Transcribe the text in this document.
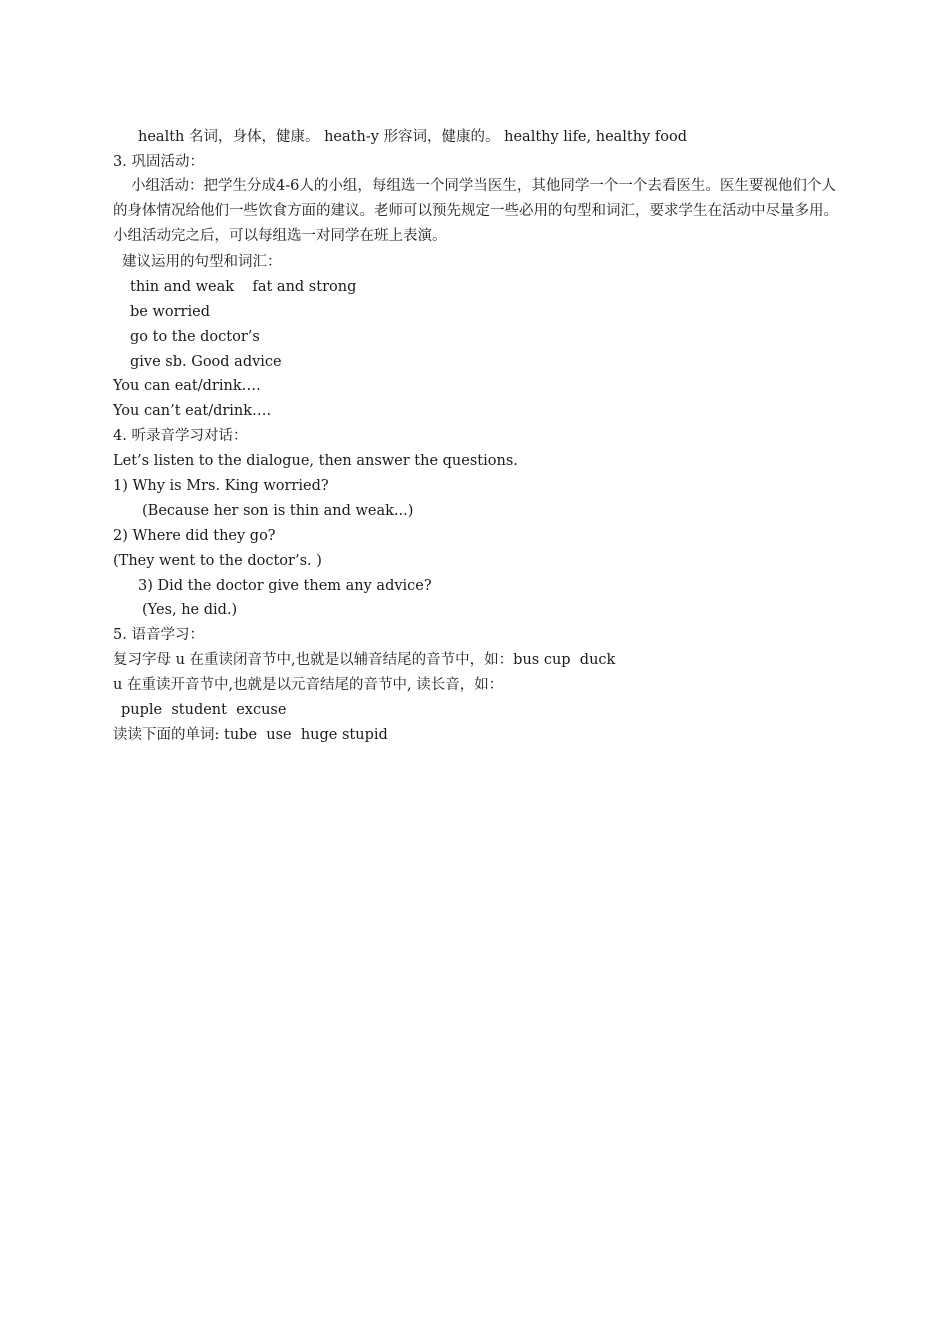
health 名词，身体，健康。 heath-y 形容词，健康的。 healthy life, healthy food
3. 巩固活动：
小组活动：把学生分成4-6人的小组，每组选一个同学当医生，其他同学一个一个去看医生。医生要视他们个人的身体情况给他们一些饮食方面的建议。老师可以预先规定一些必用的句型和词汇，要求学生在活动中尽量多用。小组活动完之后，可以每组选一对同学在班上表演。
建议运用的句型和词汇：
thin and weak    fat and strong
be worried
go to the doctor’s
give sb. Good advice
You can eat/drink….
You can’t eat/drink….
4. 听录音学习对话：
Let’s listen to the dialogue, then answer the questions.
1) Why is Mrs. King worried?
(Because her son is thin and weak...)
2) Where did they go?
(They went to the doctor’s. )
3) Did the doctor give them any advice?
(Yes, he did.)
5. 语音学习：
复习字母 u 在重读闭音节中,也就是以辅音结尾的音节中，如：bus cup  duck
u 在重读开音节中,也就是以元音结尾的音节中, 读长音，如：
puple  student  excuse
读读下面的单词: tube  use  huge stupid
